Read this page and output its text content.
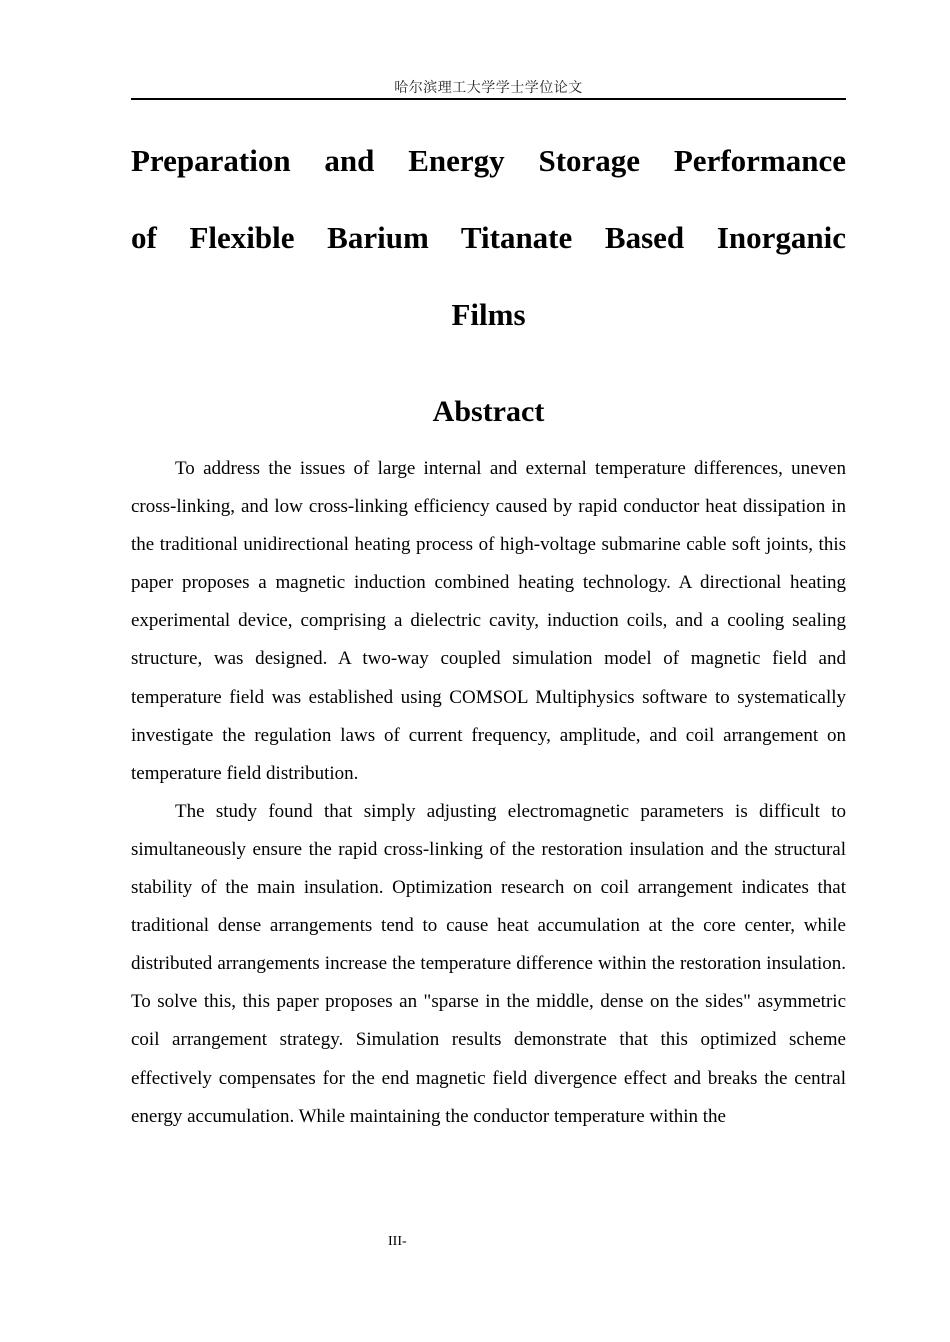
哈尔滨理工大学学士学位论文
Preparation and Energy Storage Performance
of Flexible Barium Titanate Based Inorganic
Films
Abstract

To address the issues of large internal and external temperature differences, uneven cross-linking, and low cross-linking efficiency caused by rapid conductor heat dissipation in the traditional unidirectional heating process of high-voltage submarine cable soft joints, this paper proposes a magnetic induction combined heating technology. A directional heating experimental device, comprising a dielectric cavity, induction coils, and a cooling sealing structure, was designed. A two-way coupled simulation model of magnetic field and temperature field was established using COMSOL Multiphysics software to systematically investigate the regulation laws of current frequency, amplitude, and coil arrangement on temperature field distribution.

The study found that simply adjusting electromagnetic parameters is difficult to simultaneously ensure the rapid cross-linking of the restoration insulation and the structural stability of the main insulation. Optimization research on coil arrangement indicates that traditional dense arrangements tend to cause heat accumulation at the core center, while distributed arrangements increase the temperature difference within the restoration insulation. To solve this, this paper proposes an "sparse in the middle, dense on the sides" asymmetric coil arrangement strategy. Simulation results demonstrate that this optimized scheme effectively compensates for the end magnetic field divergence effect and breaks the central energy accumulation. While maintaining the conductor temperature within the

III-
